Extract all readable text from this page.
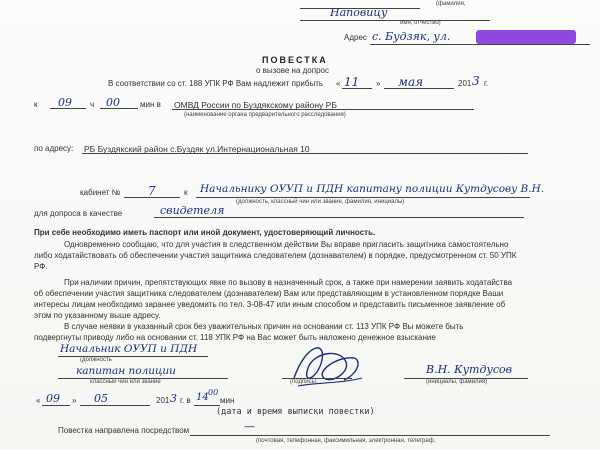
(фамилия,
Наповицу
имя, отчество)
Адрес с. Будзяк, ул.
ПОВЕСТКА
о вызове на допрос
В соответствии со ст. 188 УПК РФ Вам надлежит прибыть « 11 » мая	201 3 г.
к 09 ч 00	мин в ОМВД России по Буздякскому району РБ
(наименование органа предварительного расследования)
по адресу: РБ Буздякский район с.Буздяк ул.Интернациональная 10
кабинет № 7	к Начальнику ОУУП и ПДН капитану полиции Кутдусову В.Н.
(должность, классный чин или звание, фамилия, инициалы)
для допроса в качестве	свидетеля
При себе необходимо иметь паспорт или иной документ, удостоверяющий личность.
Одновременно сообщаю, что для участия в следственном действии Вы вправе пригласить защитника самостоятельно
либо ходатайствовать об обеспечении участия защитника следователем (дознавателем) в порядке, предусмотренном ст. 50 УПК
РФ.
При наличии причин, препятствующих явке по вызову в назначенный срок, а также при намерении заявить ходатайства
об обеспечении участия защитника следователем (дознавателем) Вам или представляющим в установленном порядке Ваши
интересы лицам необходимо заранее уведомить по тел. 3-08-47 или иным способом и представить письменное заявление об
этом по указанному выше адресу.
В случае неявки в указанный срок без уважительных причин на основании ст. 113 УПК РФ Вы можете быть
подвергнуты приводу либо на основании ст. 118 УПК РФ на Вас может быть наложено денежное взыскание
Начальник ОУУП и ПДН
(должность
капитан полиции
классный чин или звание	(подпись)
В.Н. Кутдусов
(инициалы, фамилия)
« 09 » 05	201 3 г. в 14 00
мин
(дата и время выписки повестки)
Повестка направлена посредством	—
(почтовая, телефонная, факсимильная, электронная, телеграф,
